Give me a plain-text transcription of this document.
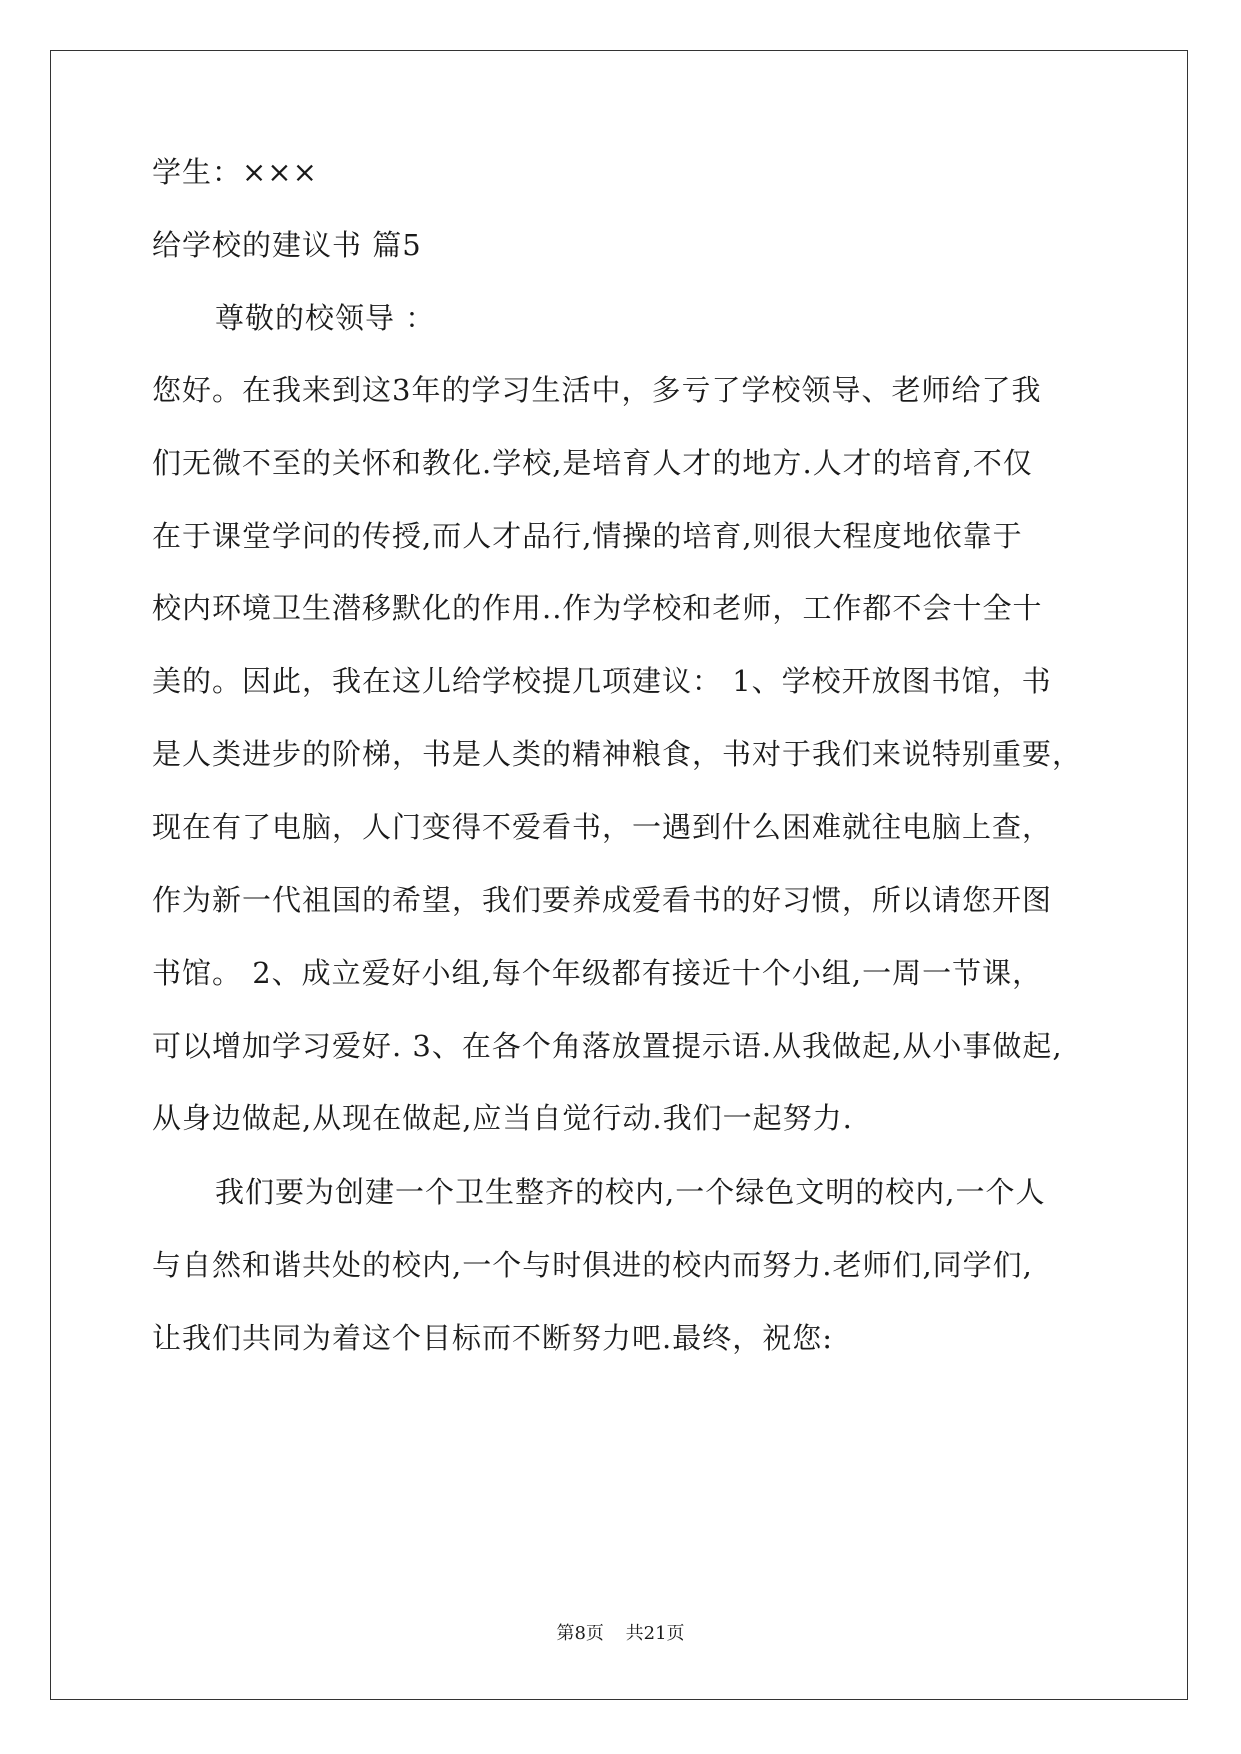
学生：×××
给学校的建议书 篇5
尊敬的校领导 ：
您好。在我来到这3年的学习生活中，多亏了学校领导、老师给了我
们无微不至的关怀和教化.学校,是培育人才的地方.人才的培育,不仅
在于课堂学问的传授,而人才品行,情操的培育,则很大程度地依靠于
校内环境卫生潜移默化的作用..作为学校和老师，工作都不会十全十
美的。因此，我在这儿给学校提几项建议： 1、学校开放图书馆，书
是人类进步的阶梯，书是人类的精神粮食，书对于我们来说特别重要，
现在有了电脑，人门变得不爱看书，一遇到什么困难就往电脑上查，
作为新一代祖国的希望，我们要养成爱看书的好习惯，所以请您开图
书馆。 2、成立爱好小组,每个年级都有接近十个小组,一周一节课，
可以增加学习爱好. 3、在各个角落放置提示语.从我做起,从小事做起,
从身边做起,从现在做起,应当自觉行动.我们一起努力.
我们要为创建一个卫生整齐的校内,一个绿色文明的校内,一个人
与自然和谐共处的校内,一个与时俱进的校内而努力.老师们,同学们,
让我们共同为着这个目标而不断努力吧.最终，祝您:
第8页 共21页
